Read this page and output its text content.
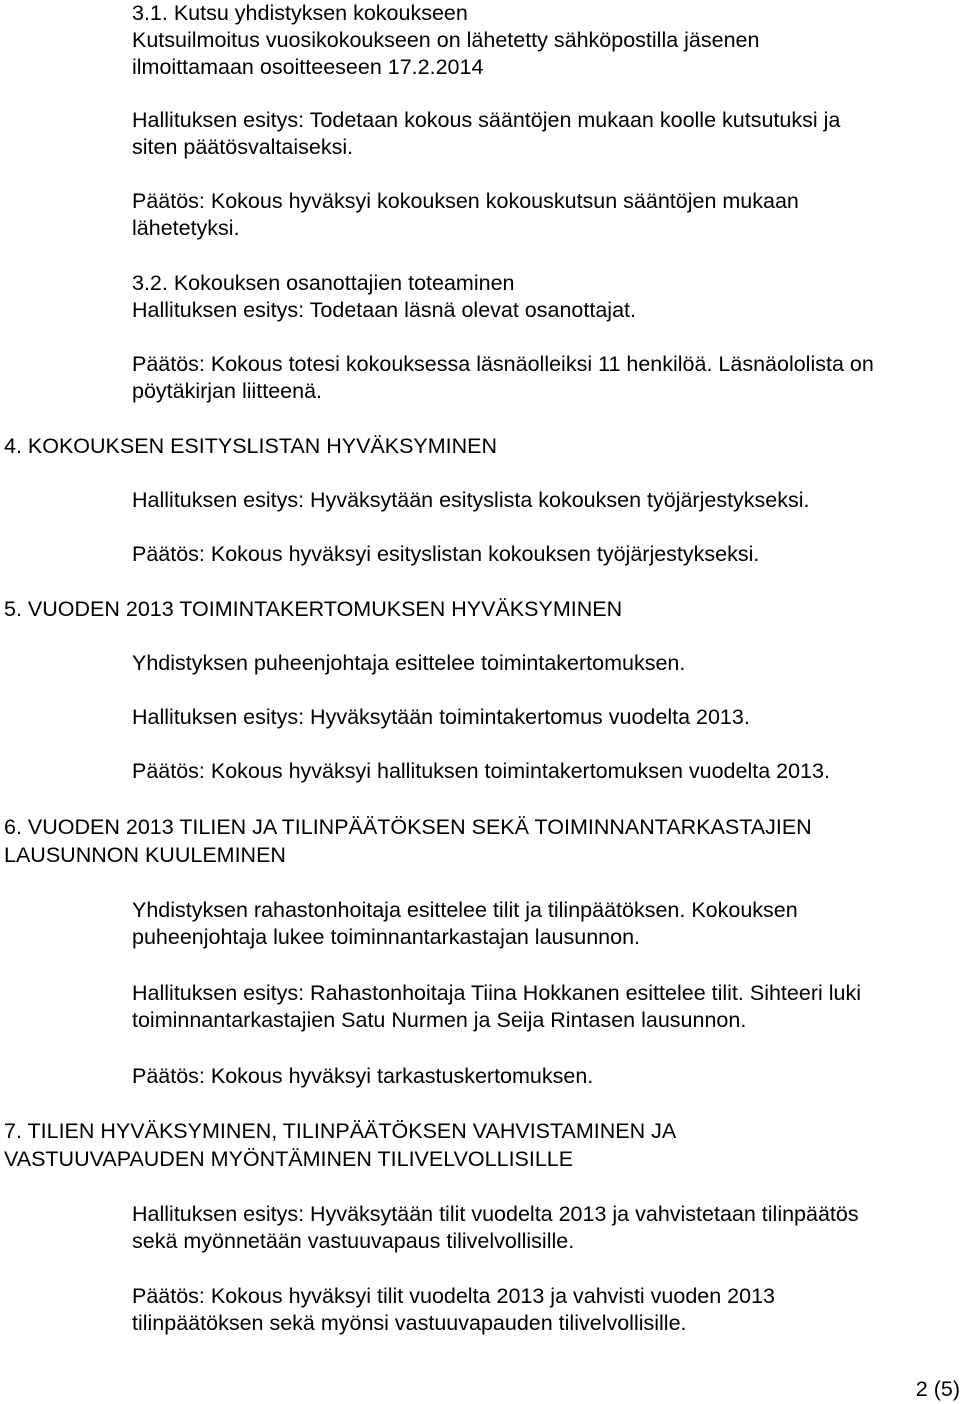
3.1. Kutsu yhdistyksen kokoukseen
Kutsuilmoitus vuosikokoukseen on lähetetty sähköpostilla jäsenen
ilmoittamaan osoitteeseen 17.2.2014
Hallituksen esitys: Todetaan kokous sääntöjen mukaan koolle kutsutuksi ja
siten päätösvaltaiseksi.
Päätös: Kokous hyväksyi kokouksen kokouskutsun sääntöjen mukaan
lähetetyksi.
3.2. Kokouksen osanottajien toteaminen
Hallituksen esitys: Todetaan läsnä olevat osanottajat.
Päätös: Kokous totesi kokouksessa läsnäolleiksi 11 henkilöä. Läsnäololista on
pöytäkirjan liitteenä.
4. KOKOUKSEN ESITYSLISTAN HYVÄKSYMINEN
Hallituksen esitys: Hyväksytään esityslista kokouksen työjärjestykseksi.
Päätös: Kokous hyväksyi esityslistan kokouksen työjärjestykseksi.
5. VUODEN 2013 TOIMINTAKERTOMUKSEN HYVÄKSYMINEN
Yhdistyksen puheenjohtaja esittelee toimintakertomuksen.
Hallituksen esitys: Hyväksytään toimintakertomus vuodelta 2013.
Päätös: Kokous hyväksyi hallituksen toimintakertomuksen vuodelta 2013.
6. VUODEN 2013 TILIEN JA TILINPÄÄTÖKSEN SEKÄ TOIMINNANTARKASTAJIEN
LAUSUNNON KUULEMINEN
Yhdistyksen rahastonhoitaja esittelee tilit ja tilinpäätöksen. Kokouksen
puheenjohtaja lukee toiminnantarkastajan lausunnon.
Hallituksen esitys: Rahastonhoitaja Tiina Hokkanen esittelee tilit. Sihteeri luki
toiminnantarkastajien Satu Nurmen ja Seija Rintasen lausunnon.
Päätös: Kokous hyväksyi tarkastuskertomuksen.
7. TILIEN HYVÄKSYMINEN, TILINPÄÄTÖKSEN VAHVISTAMINEN JA
VASTUUVAPAUDEN MYÖNTÄMINEN TILIVELVOLLISILLE
Hallituksen esitys: Hyväksytään tilit vuodelta 2013 ja vahvistetaan tilinpäätös
sekä myönnetään vastuuvapaus tilivelvollisille.
Päätös: Kokous hyväksyi tilit vuodelta 2013 ja vahvisti vuoden 2013
tilinpäätöksen sekä myönsi vastuuvapauden tilivelvollisille.
2 (5)
